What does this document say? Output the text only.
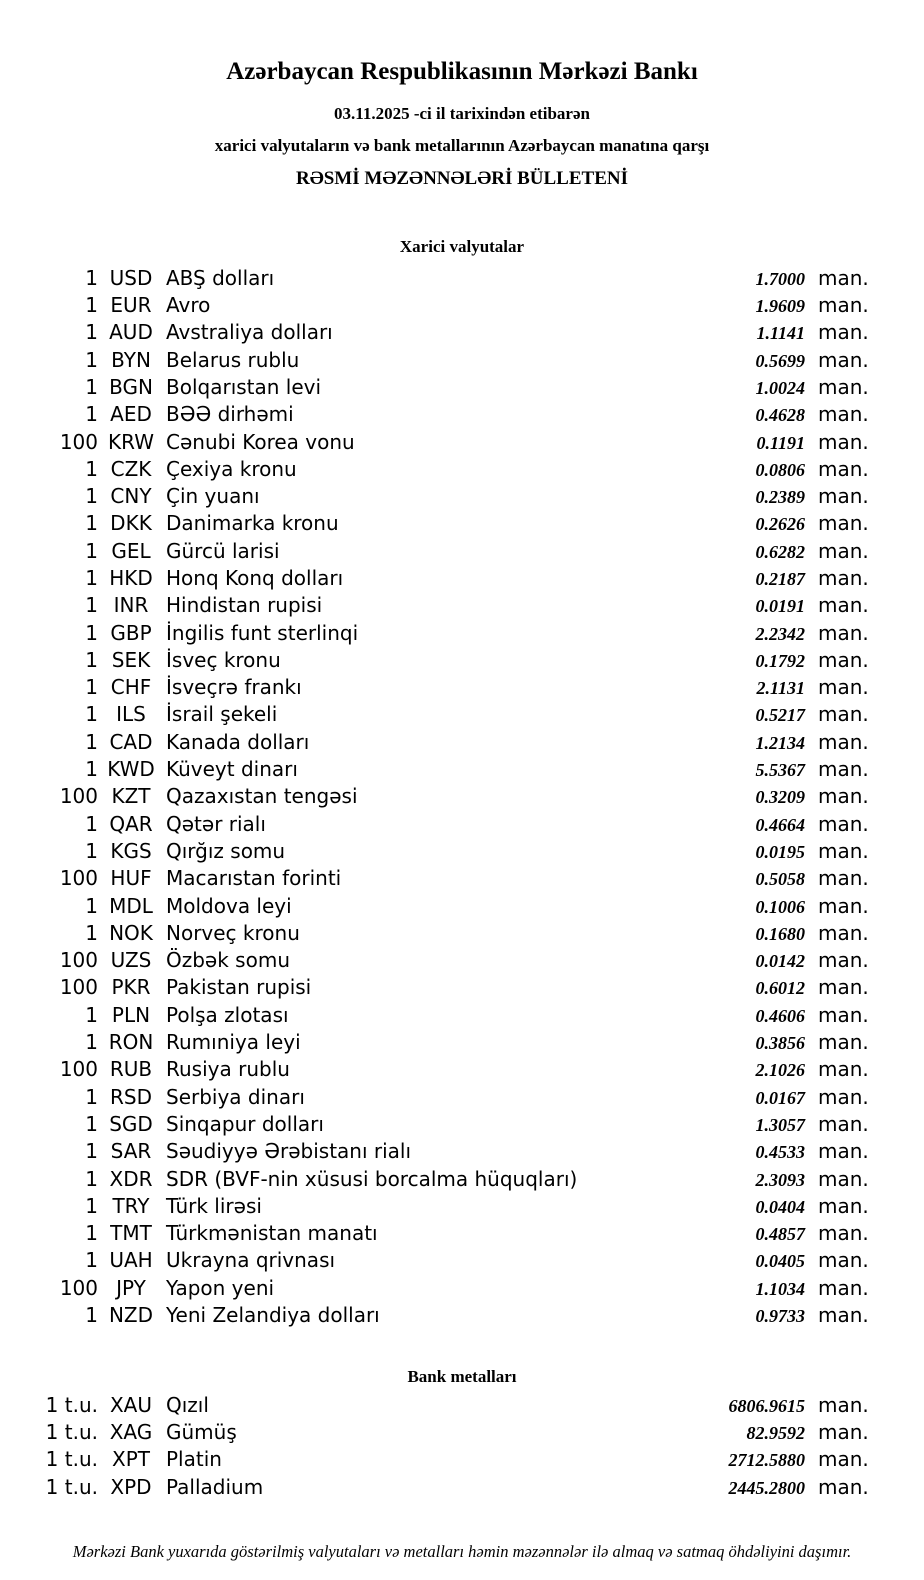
Azərbaycan Respublikasının Mərkəzi Bankı
03.11.2025 -ci il tarixindən etibarən
xarici valyutaların və bank metallarının Azərbaycan manatına qarşı
RƏSMİ MƏZƏNNƏLƏRİ BÜLLETENİ
Xarici valyutalar
1 USD ABŞ dolları	1.7000 man.
1 EUR Avro	1.9609 man.
1 AUD Avstraliya dolları	1.1141 man.
1 BYN Belarus rublu	0.5699 man.
1 BGN Bolqarıstan levi	1.0024 man.
1 AED BƏƏ dirhəmi	0.4628 man.
100 KRW Cənubi Korea vonu	0.1191 man.
1 CZK Çexiya kronu	0.0806 man.
1 CNY Çin yuanı	0.2389 man.
1 DKK Danimarka kronu	0.2626 man.
1 GEL Gürcü larisi	0.6282 man.
1 HKD Honq Konq dolları	0.2187 man.
1 INR Hindistan rupisi	0.0191 man.
1 GBP İngilis funt sterlinqi	2.2342 man.
1 SEK İsveç kronu	0.1792 man.
1 CHF İsveçrə frankı	2.1131 man.
1 ILS	İsrail şekeli	0.5217 man.
1 CAD Kanada dolları	1.2134 man.
1 KWD Küveyt dinarı	5.5367 man.
100 KZT Qazaxıstan tengəsi	0.3209 man.
1 QAR Qətər rialı	0.4664 man.
1 KGS Qırğız somu	0.0195 man.
100 HUF Macarıstan forinti	0.5058 man.
1 MDL Moldova leyi	0.1006 man.
1 NOK Norveç kronu	0.1680 man.
100 UZS Özbək somu	0.0142 man.
100 PKR Pakistan rupisi	0.6012 man.
1 PLN Polşa zlotası	0.4606 man.
1 RON Rumıniya leyi	0.3856 man.
100 RUB Rusiya rublu	2.1026 man.
1 RSD Serbiya dinarı	0.0167 man.
1 SGD Sinqapur dolları	1.3057 man.
1 SAR Səudiyyə Ərəbistanı rialı	0.4533 man.
1 XDR SDR (BVF-nin xüsusi borcalma hüquqları)	2.3093 man.
1 TRY Türk lirəsi	0.0404 man.
1 TMT Türkmənistan manatı	0.4857 man.
1 UAH Ukrayna qrivnası	0.0405 man.
100 JPY	Yapon yeni	1.1034 man.
1 NZD Yeni Zelandiya dolları	0.9733 man.
Bank metalları
1 t.u. XAU Qızıl	6806.9615 man.
1 t.u. XAG Gümüş	82.9592 man.
1 t.u. XPT Platin	2712.5880 man.
1 t.u. XPD Palladium	2445.2800 man.
Mərkəzi Bank yuxarıda göstərilmiş valyutaları və metalları həmin məzənnələr ilə almaq və satmaq öhdəliyini daşımır.
